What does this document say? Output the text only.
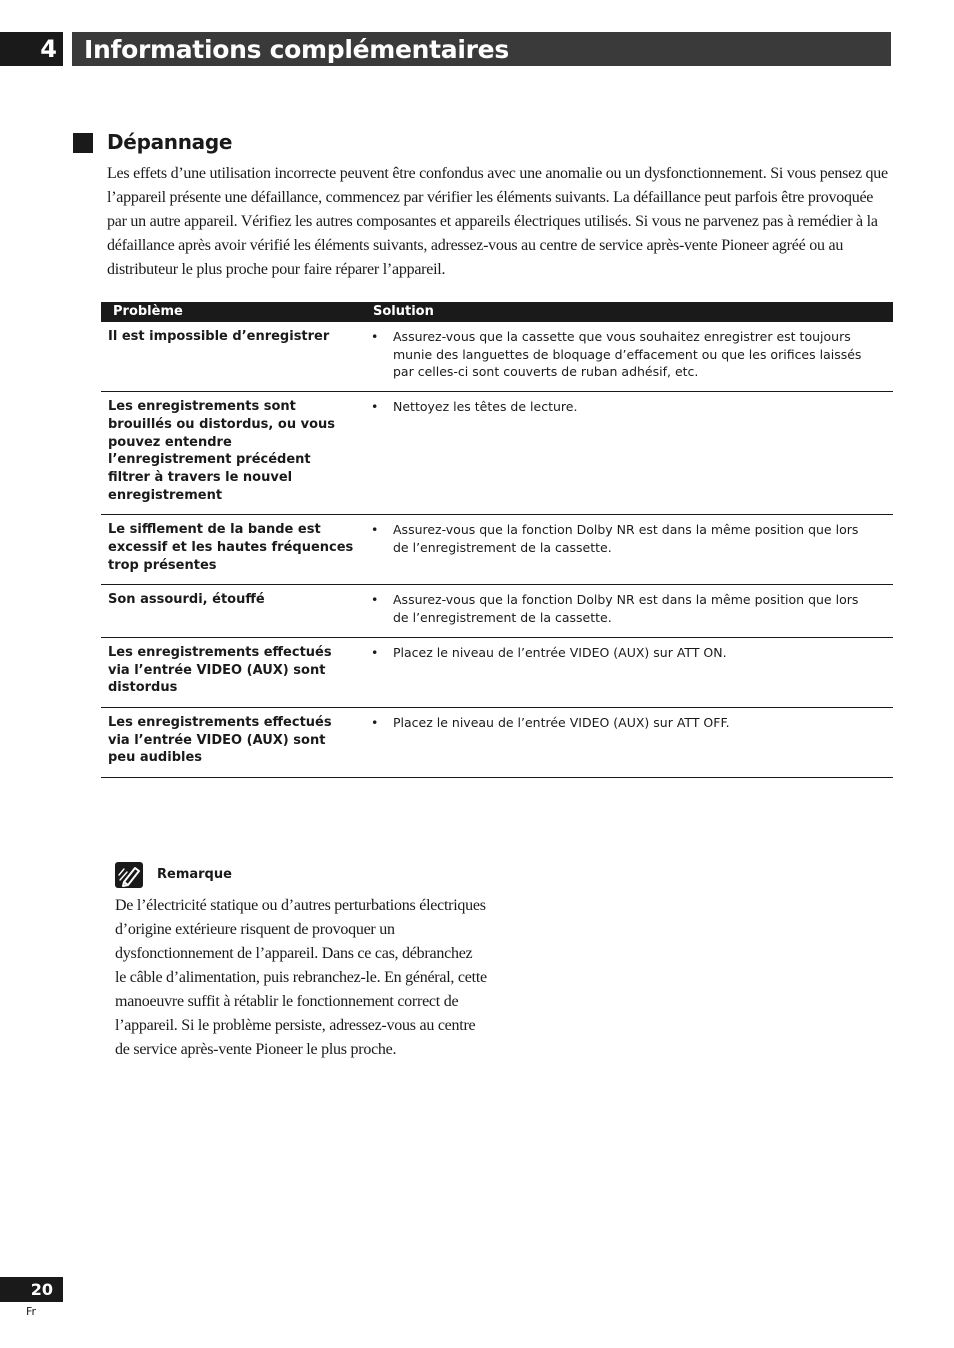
4	Informations complémentaires
Dépannage

Les effets d’une utilisation incorrecte peuvent être confondus avec une anomalie ou un dysfonctionnement. Si vous pensez que l’appareil présente une défaillance, commencez par vérifier les éléments suivants. La défaillance peut parfois être provoquée par un autre appareil. Vérifiez les autres composantes et appareils électriques utilisés. Si vous ne parvenez pas à remédier à la défaillance après avoir vérifié les éléments suivants, adressez-vous au centre de service après-vente Pioneer agréé ou au distributeur le plus proche pour faire réparer l’appareil.

Problème	Solution
Il est impossible d’enregistrer	• Assurez-vous que la cassette que vous souhaitez enregistrer est toujours munie des languettes de bloquage d’effacement ou que les orifices laissés par celles-ci sont couverts de ruban adhésif, etc.

Les enregistrements sont brouillés ou distordus, ou vous pouvez entendre l’enregistrement précédent filtrer à travers le nouvel enregistrement	• Nettoyez les têtes de lecture.

Le sifflement de la bande est excessif et les hautes fréquences trop présentes	• Assurez-vous que la fonction Dolby NR est dans la même position que lors de l’enregistrement de la cassette.

Son assourdi, étouffé	• Assurez-vous que la fonction Dolby NR est dans la même position que lors de l’enregistrement de la cassette.

Les enregistrements effectués via l’entrée VIDEO (AUX) sont distordus	• Placez le niveau de l’entrée VIDEO (AUX) sur ATT ON.

Les enregistrements effectués via l’entrée VIDEO (AUX) sont peu audibles	• Placez le niveau de l’entrée VIDEO (AUX) sur ATT OFF.
Remarque

De l’électricité statique ou d’autres perturbations électriques d’origine extérieure risquent de provoquer un dysfonctionnement de l’appareil. Dans ce cas, débranchez le câble d’alimentation, puis rebranchez-le. En général, cette manoeuvre suffit à rétablir le fonctionnement correct de l’appareil. Si le problème persiste, adressez-vous au centre de service après-vente Pioneer le plus proche.

20
Fr
